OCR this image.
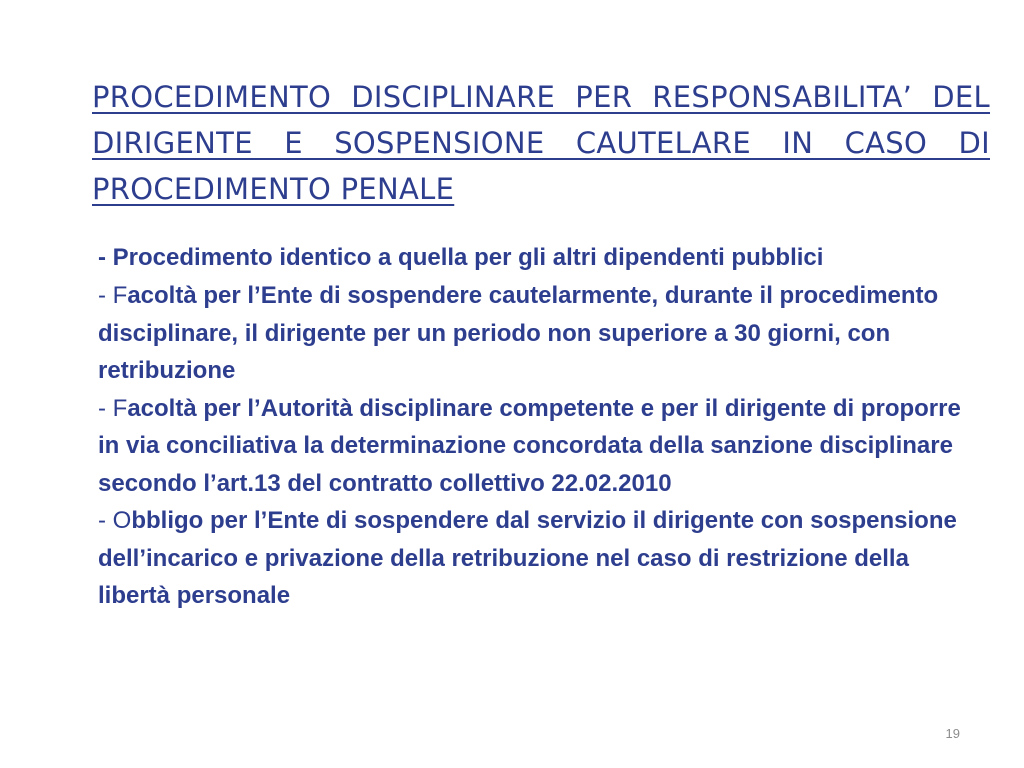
PROCEDIMENTO DISCIPLINARE PER RESPONSABILITA’ DEL DIRIGENTE E SOSPENSIONE CAUTELARE IN CASO DI PROCEDIMENTO PENALE

- Procedimento identico a quella per gli altri dipendenti pubblici

- Facoltà per l’Ente di sospendere cautelarmente, durante il procedimento disciplinare, il dirigente per un periodo non superiore a 30 giorni, con retribuzione

- Facoltà per l’Autorità disciplinare competente e per il dirigente di proporre in via conciliativa la determinazione concordata della sanzione disciplinare secondo l’art.13 del contratto collettivo 22.02.2010

- Obbligo per l’Ente di sospendere dal servizio il dirigente con sospensione dell’incarico e privazione della retribuzione nel caso di restrizione della libertà personale

19
